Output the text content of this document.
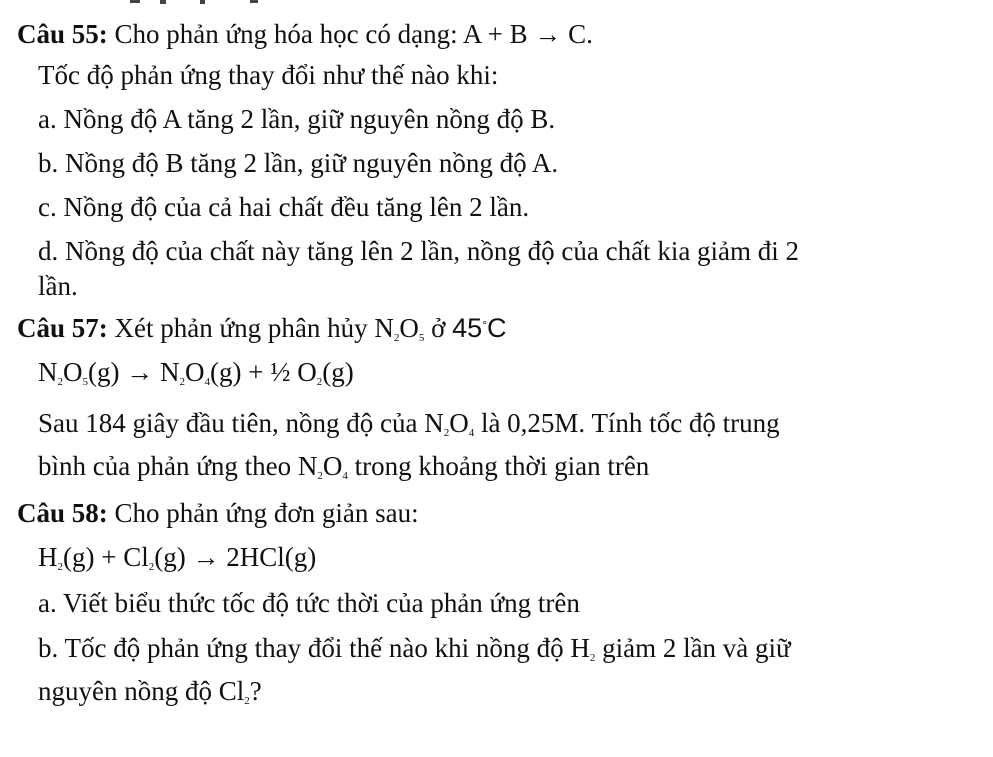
Câu 55: Cho phản ứng hóa học có dạng: A + B → C.
Tốc độ phản ứng thay đổi như thế nào khi:
a. Nồng độ A tăng 2 lần, giữ nguyên nồng độ B.
b. Nồng độ B tăng 2 lần, giữ nguyên nồng độ A.
c. Nồng độ của cả hai chất đều tăng lên 2 lần.
d. Nồng độ của chất này tăng lên 2 lần, nồng độ của chất kia giảm đi 2
lần.
Câu 57: Xét phản ứng phân hủy $N_2O_5$ ở 45°C
$N_2O_5(g) \to N_2O_4(g)$ + ½ $O_2(g)$
Sau 184 giây đầu tiên, nồng độ của $N_2O_4$ là 0,25M. Tính tốc độ trung
bình của phản ứng theo $N_2O_4$ trong khoảng thời gian trên
Câu 58: Cho phản ứng đơn giản sau:
$H_2(g) + Cl_2(g) \to 2HCl(g)$
a. Viết biểu thức tốc độ tức thời của phản ứng trên
b. Tốc độ phản ứng thay đổi thế nào khi nồng độ $H_2$ giảm 2 lần và giữ
nguyên nồng độ $Cl_2$?
